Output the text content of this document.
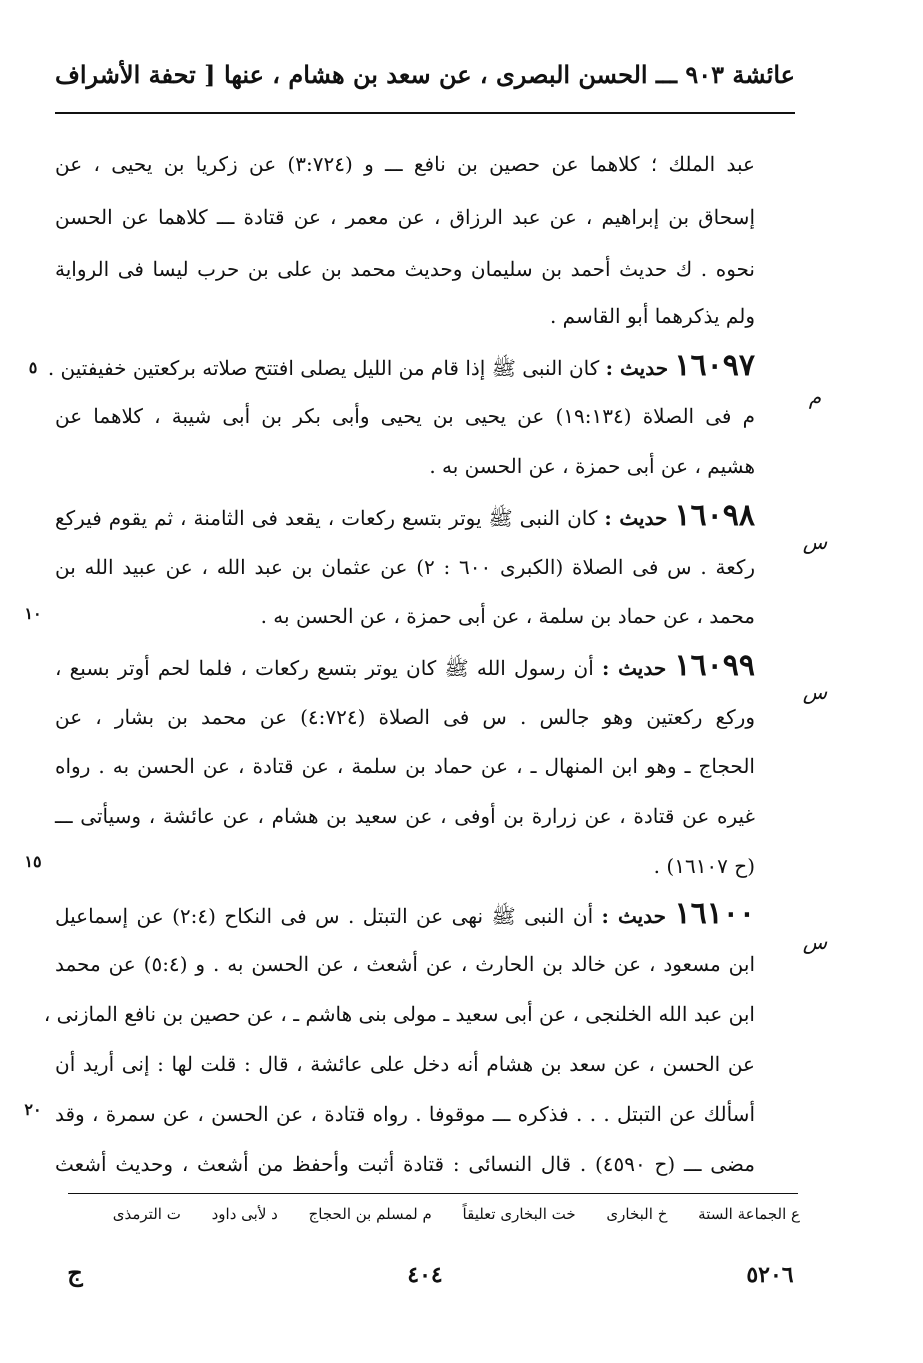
عائشة ٩٠٣ ـــ الحسن البصرى ، عن سعد بن هشام ، عنها
[ تحفة الأشراف
عبد الملك ؛ كلاهما عن حصين بن نافع ـــ و (٣:٧٢٤) عن زكريا بن يحيى ، عن
إسحاق بن إبراهيم ، عن عبد الرزاق ، عن معمر ، عن قتادة ـــ كلاهما عن الحسن
نحوه . ك حديث أحمد بن سليمان وحديث محمد بن على بن حرب ليسا فى الرواية
ولم يذكرهما أبو القاسم .
١٦٠٩٧ حديث : كان النبى ﷺ إذا قام من الليل يصلى افتتح صلاته بركعتين خفيفتين .
م فى الصلاة (١٩:١٣٤) عن يحيى بن يحيى وأبى بكر بن أبى شيبة ، كلاهما عن
هشيم ، عن أبى حمزة ، عن الحسن به .
١٦٠٩٨ حديث : كان النبى ﷺ يوتر بتسع ركعات ، يقعد فى الثامنة ، ثم يقوم فيركع
ركعة . س فى الصلاة (الكبرى ٦٠٠ : ٢) عن عثمان بن عبد الله ، عن عبيد الله بن
محمد ، عن حماد بن سلمة ، عن أبى حمزة ، عن الحسن به .
١٦٠٩٩ حديث : أن رسول الله ﷺ كان يوتر بتسع ركعات ، فلما لحم أوتر بسبع ،
وركع ركعتين وهو جالس . س فى الصلاة (٤:٧٢٤) عن محمد بن بشار ، عن
الحجاج ـ وهو ابن المنهال ـ ، عن حماد بن سلمة ، عن قتادة ، عن الحسن به . رواه
غيره عن قتادة ، عن زرارة بن أوفى ، عن سعيد بن هشام ، عن عائشة ، وسيأتى ـــ
(ح ١٦١٠٧) .
١٦١٠٠ حديث : أن النبى ﷺ نهى عن التبتل . س فى النكاح (٢:٤) عن إسماعيل
ابن مسعود ، عن خالد بن الحارث ، عن أشعث ، عن الحسن به . و (٥:٤) عن محمد
ابن عبد الله الخلنجى ، عن أبى سعيد ـ مولى بنى هاشم ـ ، عن حصين بن نافع المازنى ،
عن الحسن ، عن سعد بن هشام أنه دخل على عائشة ، قال : قلت لها : إنى أريد أن
أسألك عن التبتل . . . فذكره ـــ موقوفا . رواه قتادة ، عن الحسن ، عن سمرة ، وقد
مضى ـــ (ح ٤٥٩٠) . قال النسائى : قتادة أثبت وأحفظ من أشعث ، وحديث أشعث
م
س
س
س
٥
١٠
١٥
٢٠
ع الجماعة الستة خ البخارى خت البخارى تعليقاً م لمسلم بن الحجاج د لأبى داود ت الترمذى
٥٢٠٦
٤٠٤
ج
